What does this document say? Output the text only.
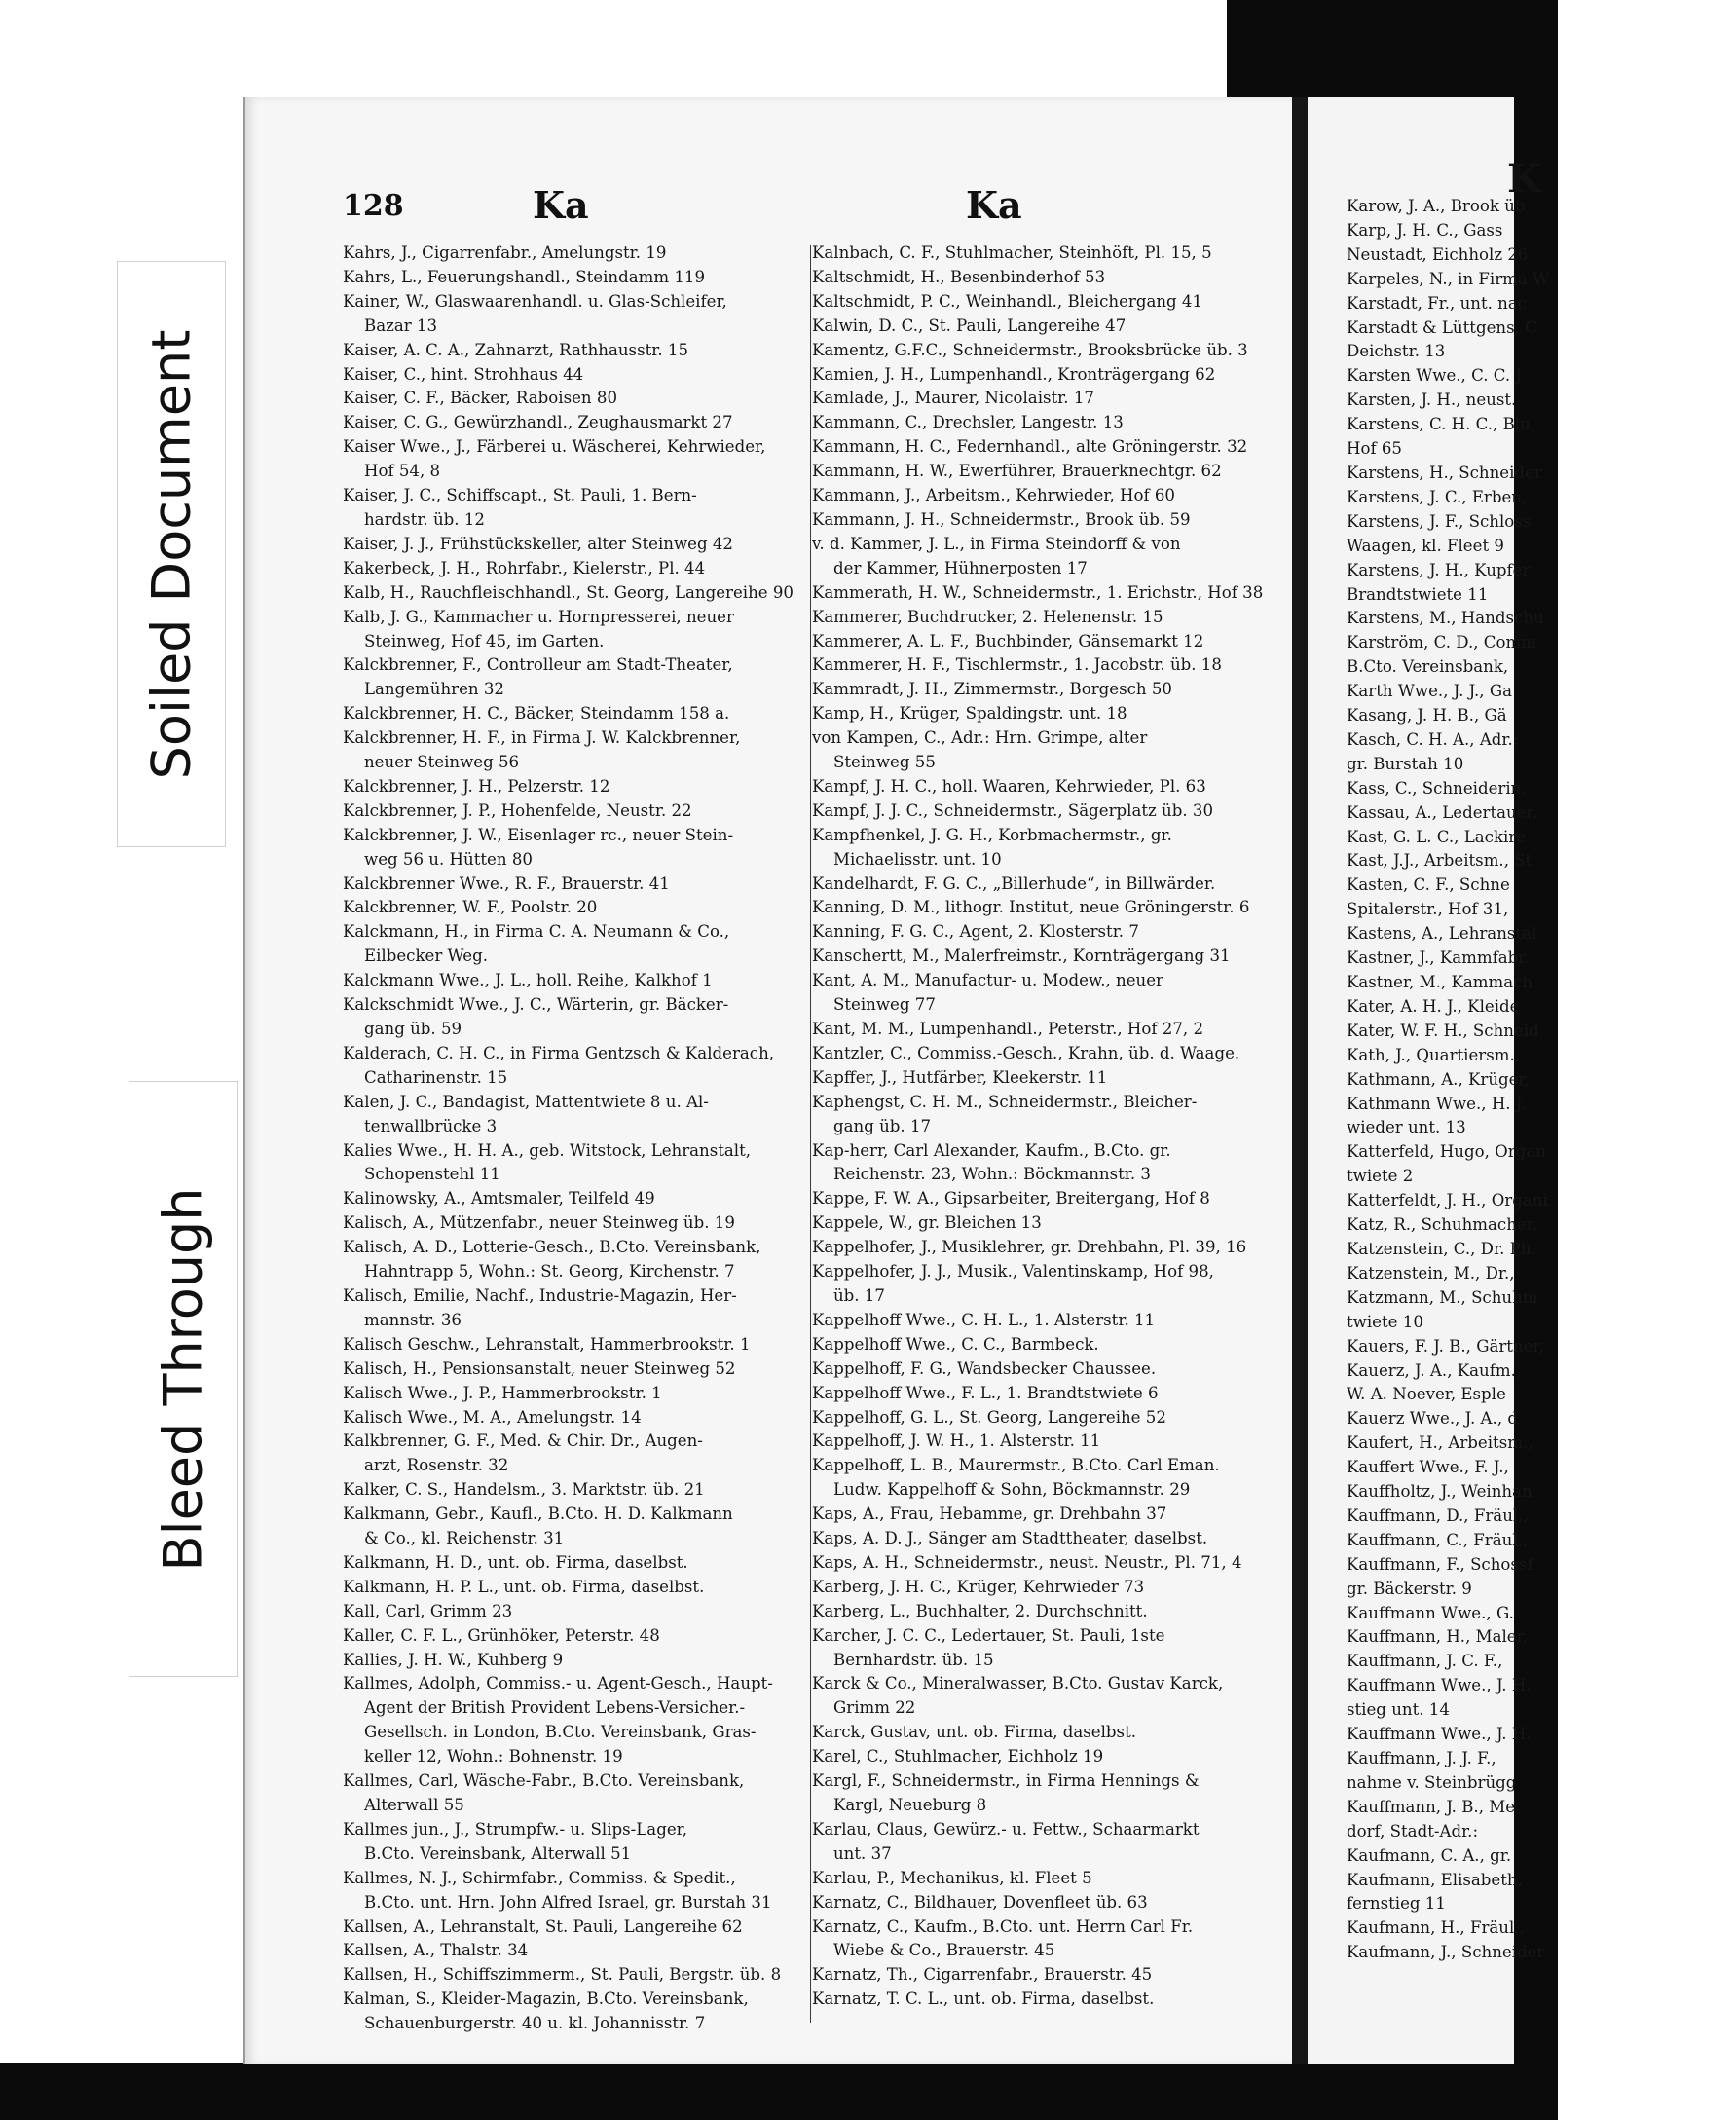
Soiled Document
Bleed Through
128	Ka	Ka
Kahrs, J., Cigarrenfabr., Amelungstr. 19
Kahrs, L., Feuerungshandl., Steindamm 119
Kainer, W., Glaswaarenhandl. u. Glas-Schleifer,
Bazar 13
Kaiser, A. C. A., Zahnarzt, Rathhausstr. 15
Kaiser, C., hint. Strohhaus 44
Kaiser, C. F., Bäcker, Raboisen 80
Kaiser, C. G., Gewürzhandl., Zeughausmarkt 27
Kaiser Wwe., J., Färberei u. Wäscherei, Kehrwieder,
Hof 54, 8
Kaiser, J. C., Schiffscapt., St. Pauli, 1. Bern-
hardstr. üb. 12
Kaiser, J. J., Frühstückskeller, alter Steinweg 42
Kakerbeck, J. H., Rohrfabr., Kielerstr., Pl. 44
Kalb, H., Rauchfleischhandl., St. Georg, Langereihe 90
Kalb, J. G., Kammacher u. Hornpresserei, neuer
Steinweg, Hof 45, im Garten.
Kalckbrenner, F., Controlleur am Stadt-Theater,
Langemühren 32
Kalckbrenner, H. C., Bäcker, Steindamm 158 a.
Kalckbrenner, H. F., in Firma J. W. Kalckbrenner,
neuer Steinweg 56
Kalckbrenner, J. H., Pelzerstr. 12
Kalckbrenner, J. P., Hohenfelde, Neustr. 22
Kalckbrenner, J. W., Eisenlager rc., neuer Stein-
weg 56 u. Hütten 80
Kalckbrenner Wwe., R. F., Brauerstr. 41
Kalckbrenner, W. F., Poolstr. 20
Kalckmann, H., in Firma C. A. Neumann & Co.,
Eilbecker Weg.
Kalckmann Wwe., J. L., holl. Reihe, Kalkhof 1
Kalckschmidt Wwe., J. C., Wärterin, gr. Bäcker-
gang üb. 59
Kalderach, C. H. C., in Firma Gentzsch & Kalderach,
Catharinenstr. 15
Kalen, J. C., Bandagist, Mattentwiete 8 u. Al-
tenwallbrücke 3
Kalies Wwe., H. H. A., geb. Witstock, Lehranstalt,
Schopenstehl 11
Kalinowsky, A., Amtsmaler, Teilfeld 49
Kalisch, A., Mützenfabr., neuer Steinweg üb. 19
Kalisch, A. D., Lotterie-Gesch., B.Cto. Vereinsbank,
Hahntrapp 5, Wohn.: St. Georg, Kirchenstr. 7
Kalisch, Emilie, Nachf., Industrie-Magazin, Her-
mannstr. 36
Kalisch Geschw., Lehranstalt, Hammerbrookstr. 1
Kalisch, H., Pensionsanstalt, neuer Steinweg 52
Kalisch Wwe., J. P., Hammerbrookstr. 1
Kalisch Wwe., M. A., Amelungstr. 14
Kalkbrenner, G. F., Med. & Chir. Dr., Augen-
arzt, Rosenstr. 32
Kalker, C. S., Handelsm., 3. Marktstr. üb. 21
Kalkmann, Gebr., Kaufl., B.Cto. H. D. Kalkmann
& Co., kl. Reichenstr. 31
Kalkmann, H. D., unt. ob. Firma, daselbst.
Kalkmann, H. P. L., unt. ob. Firma, daselbst.
Kall, Carl, Grimm 23
Kaller, C. F. L., Grünhöker, Peterstr. 48
Kallies, J. H. W., Kuhberg 9
Kallmes, Adolph, Commiss.- u. Agent-Gesch., Haupt-
Agent der British Provident Lebens-Versicher.-
Gesellsch. in London, B.Cto. Vereinsbank, Gras-
keller 12, Wohn.: Bohnenstr. 19
Kallmes, Carl, Wäsche-Fabr., B.Cto. Vereinsbank,
Alterwall 55
Kallmes jun., J., Strumpfw.- u. Slips-Lager,
B.Cto. Vereinsbank, Alterwall 51
Kallmes, N. J., Schirmfabr., Commiss. & Spedit.,
B.Cto. unt. Hrn. John Alfred Israel, gr. Burstah 31
Kallsen, A., Lehranstalt, St. Pauli, Langereihe 62
Kallsen, A., Thalstr. 34
Kallsen, H., Schiffszimmerm., St. Pauli, Bergstr. üb. 8
Kalman, S., Kleider-Magazin, B.Cto. Vereinsbank,
Schauenburgerstr. 40 u. kl. Johannisstr. 7
Kalnbach, C. F., Stuhlmacher, Steinhöft, Pl. 15, 5
Kaltschmidt, H., Besenbinderhof 53
Kaltschmidt, P. C., Weinhandl., Bleichergang 41
Kalwin, D. C., St. Pauli, Langereihe 47
Kamentz, G.F.C., Schneidermstr., Brooksbrücke üb. 3
Kamien, J. H., Lumpenhandl., Kronträgergang 62
Kamlade, J., Maurer, Nicolaistr. 17
Kammann, C., Drechsler, Langestr. 13
Kammann, H. C., Federnhandl., alte Gröningerstr. 32
Kammann, H. W., Ewerführer, Brauerknechtgr. 62
Kammann, J., Arbeitsm., Kehrwieder, Hof 60
Kammann, J. H., Schneidermstr., Brook üb. 59
v. d. Kammer, J. L., in Firma Steindorff & von
der Kammer, Hühnerposten 17
Kammerath, H. W., Schneidermstr., 1. Erichstr., Hof 38
Kammerer, Buchdrucker, 2. Helenenstr. 15
Kammerer, A. L. F., Buchbinder, Gänsemarkt 12
Kammerer, H. F., Tischlermstr., 1. Jacobstr. üb. 18
Kammradt, J. H., Zimmermstr., Borgesch 50
Kamp, H., Krüger, Spaldingstr. unt. 18
von Kampen, C., Adr.: Hrn. Grimpe, alter
Steinweg 55
Kampf, J. H. C., holl. Waaren, Kehrwieder, Pl. 63
Kampf, J. J. C., Schneidermstr., Sägerplatz üb. 30
Kampfhenkel, J. G. H., Korbmachermstr., gr.
Michaelisstr. unt. 10
Kandelhardt, F. G. C., „Billerhude“, in Billwärder.
Kanning, D. M., lithogr. Institut, neue Gröningerstr. 6
Kanning, F. G. C., Agent, 2. Klosterstr. 7
Kanschertt, M., Malerfreimstr., Kornträgergang 31
Kant, A. M., Manufactur- u. Modew., neuer
Steinweg 77
Kant, M. M., Lumpenhandl., Peterstr., Hof 27, 2
Kantzler, C., Commiss.-Gesch., Krahn, üb. d. Waage.
Kapffer, J., Hutfärber, Kleekerstr. 11
Kaphengst, C. H. M., Schneidermstr., Bleicher-
gang üb. 17
Kap-herr, Carl Alexander, Kaufm., B.Cto. gr.
Reichenstr. 23, Wohn.: Böckmannstr. 3
Kappe, F. W. A., Gipsarbeiter, Breitergang, Hof 8
Kappele, W., gr. Bleichen 13
Kappelhofer, J., Musiklehrer, gr. Drehbahn, Pl. 39, 16
Kappelhofer, J. J., Musik., Valentinskamp, Hof 98,
üb. 17
Kappelhoff Wwe., C. H. L., 1. Alsterstr. 11
Kappelhoff Wwe., C. C., Barmbeck.
Kappelhoff, F. G., Wandsbecker Chaussee.
Kappelhoff Wwe., F. L., 1. Brandtstwiete 6
Kappelhoff, G. L., St. Georg, Langereihe 52
Kappelhoff, J. W. H., 1. Alsterstr. 11
Kappelhoff, L. B., Maurermstr., B.Cto. Carl Eman.
Ludw. Kappelhoff & Sohn, Böckmannstr. 29
Kaps, A., Frau, Hebamme, gr. Drehbahn 37
Kaps, A. D. J., Sänger am Stadttheater, daselbst.
Kaps, A. H., Schneidermstr., neust. Neustr., Pl. 71, 4
Karberg, J. H. C., Krüger, Kehrwieder 73
Karberg, L., Buchhalter, 2. Durchschnitt.
Karcher, J. C. C., Ledertauer, St. Pauli, 1ste
Bernhardstr. üb. 15
Karck & Co., Mineralwasser, B.Cto. Gustav Karck,
Grimm 22
Karck, Gustav, unt. ob. Firma, daselbst.
Karel, C., Stuhlmacher, Eichholz 19
Kargl, F., Schneidermstr., in Firma Hennings &
Kargl, Neueburg 8
Karlau, Claus, Gewürz.- u. Fettw., Schaarmarkt
unt. 37
Karlau, P., Mechanikus, kl. Fleet 5
Karnatz, C., Bildhauer, Dovenfleet üb. 63
Karnatz, C., Kaufm., B.Cto. unt. Herrn Carl Fr.
Wiebe & Co., Brauerstr. 45
Karnatz, Th., Cigarrenfabr., Brauerstr. 45
Karnatz, T. C. L., unt. ob. Firma, daselbst.
K
Karow, J. A., Brook üb
Karp, J. H. C., Gass
Neustadt, Eichholz 26
Karpeles, N., in Firma W
Karstadt, Fr., unt. nac
Karstadt & Lüttgens, C
Deichstr. 13
Karsten Wwe., C. C. J
Karsten, J. H., neust.
Karstens, C. H. C., Blu
Hof 65
Karstens, H., Schneider
Karstens, J. C., Erben,
Karstens, J. F., Schloss
Waagen, kl. Fleet 9
Karstens, J. H., Kupfer
Brandtstwiete 11
Karstens, M., Handschu
Karström, C. D., Comm
B.Cto. Vereinsbank,
Karth Wwe., J. J., Ga
Kasang, J. H. B., Gä
Kasch, C. H. A., Adr.:
gr. Burstah 10
Kass, C., Schneiderin,
Kassau, A., Ledertauer,
Kast, G. L. C., Lackire
Kast, J.J., Arbeitsm., St
Kasten, C. F., Schne
Spitalerstr., Hof 31,
Kastens, A., Lehranstal
Kastner, J., Kammfabr.
Kastner, M., Kammach
Kater, A. H. J., Kleide
Kater, W. F. H., Schneid
Kath, J., Quartiersm.,
Kathmann, A., Krüger,
Kathmann Wwe., H. J.
wieder unt. 13
Katterfeld, Hugo, Organ
twiete 2
Katterfeldt, J. H., Organi
Katz, R., Schuhmacher,
Katzenstein, C., Dr. Ph
Katzenstein, M., Dr.,
Katzmann, M., Schuhm
twiete 10
Kauers, F. J. B., Gärtner,
Kauerz, J. A., Kaufm.,
W. A. Noever, Esple
Kauerz Wwe., J. A., d
Kaufert, H., Arbeitsm.,
Kauffert Wwe., F. J.,
Kauffholtz, J., Weinhan
Kauffmann, D., Fräul.,
Kauffmann, C., Fräul.,
Kauffmann, F., Schossf
gr. Bäckerstr. 9
Kauffmann Wwe., G.
Kauffmann, H., Maler,
Kauffmann, J. C. F.,
Kauffmann Wwe., J. H.
stieg unt. 14
Kauffmann Wwe., J. H.
Kauffmann, J. J. F.,
nahme v. Steinbrügg
Kauffmann, J. B., Me
dorf, Stadt-Adr.:
Kaufmann, C. A., gr.
Kaufmann, Elisabeth,
fernstieg 11
Kaufmann, H., Fräul.,
Kaufmann, J., Schneider
